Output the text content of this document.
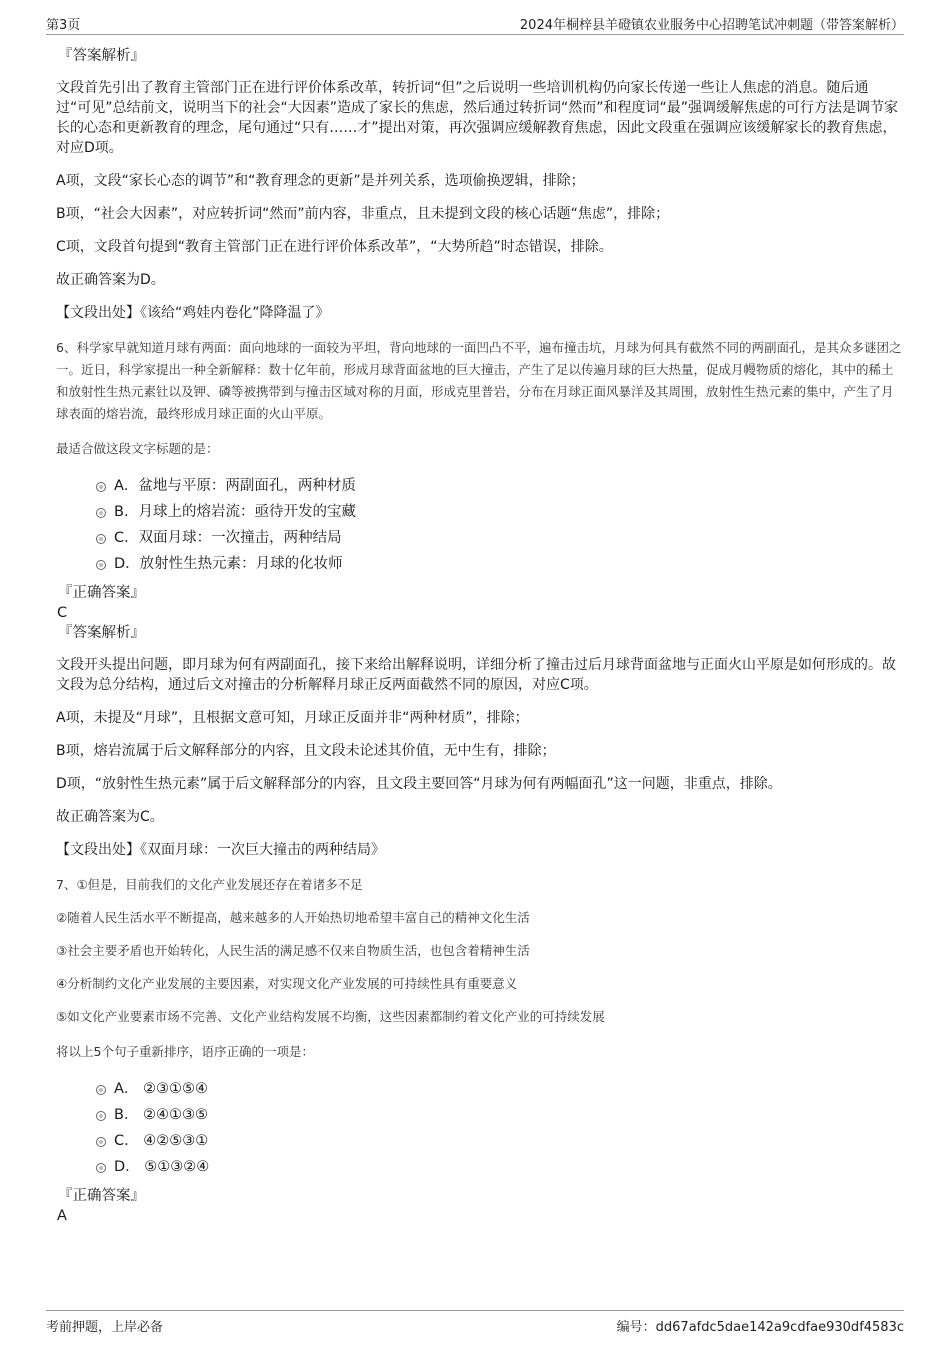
第3页	2024年桐梓县羊磴镇农业服务中心招聘笔试冲刺题（带答案解析）
『答案解析』

文段首先引出了教育主管部门正在进行评价体系改革，转折词“但”之后说明一些培训机构仍向家长传递一些让人焦虑的消息。随后通过“可见”总结前文，说明当下的社会“大因素”造成了家长的焦虑，然后通过转折词“然而”和程度词“最”强调缓解焦虑的可行方法是调节家长的心态和更新教育的理念，尾句通过“只有……才”提出对策，再次强调应缓解教育焦虑，因此文段重在强调应该缓解家长的教育焦虑，对应D项。

A项，文段“家长心态的调节”和“教育理念的更新”是并列关系，选项偷换逻辑，排除；

B项，“社会大因素”，对应转折词“然而”前内容，非重点，且未提到文段的核心话题“焦虑”，排除；

C项，文段首句提到“教育主管部门正在进行评价体系改革”，“大势所趋”时态错误，排除。

故正确答案为D。

【文段出处】《该给“鸡娃内卷化”降降温了》

6、科学家早就知道月球有两面：面向地球的一面较为平坦，背向地球的一面凹凸不平，遍布撞击坑，月球为何具有截然不同的两副面孔，是其众多谜团之一。近日，科学家提出一种全新解释：数十亿年前，形成月球背面盆地的巨大撞击，产生了足以传遍月球的巨大热量，促成月幔物质的熔化，其中的稀土和放射性生热元素钍以及钾、磷等被携带到与撞击区域对称的月面，形成克里普岩，分布在月球正面风暴洋及其周围，放射性生热元素的集中，产生了月球表面的熔岩流，最终形成月球正面的火山平原。

最适合做这段文字标题的是：

A．盆地与平原：两副面孔，两种材质
B．月球上的熔岩流：亟待开发的宝藏
C．双面月球：一次撞击，两种结局
D．放射性生热元素：月球的化妆师
『正确答案』
C
『答案解析』

文段开头提出问题，即月球为何有两副面孔，接下来给出解释说明，详细分析了撞击过后月球背面盆地与正面火山平原是如何形成的。故文段为总分结构，通过后文对撞击的分析解释月球正反两面截然不同的原因，对应C项。

A项，未提及“月球”，且根据文意可知，月球正反面并非“两种材质”，排除；

B项，熔岩流属于后文解释部分的内容，且文段未论述其价值，无中生有，排除；

D项，“放射性生热元素”属于后文解释部分的内容，且文段主要回答“月球为何有两幅面孔”这一问题，非重点，排除。

故正确答案为C。

【文段出处】《双面月球：一次巨大撞击的两种结局》

7、①但是，目前我们的文化产业发展还存在着诸多不足

②随着人民生活水平不断提高，越来越多的人开始热切地希望丰富自己的精神文化生活

③社会主要矛盾也开始转化，人民生活的满足感不仅来自物质生活，也包含着精神生活

④分析制约文化产业发展的主要因素，对实现文化产业发展的可持续性具有重要意义

⑤如文化产业要素市场不完善、文化产业结构发展不均衡，这些因素都制约着文化产业的可持续发展

将以上5个句子重新排序，语序正确的一项是：

A． ②③①⑤④
B． ②④①③⑤
C． ④②⑤③①
D． ⑤①③②④
『正确答案』
A
考前押题，上岸必备	编号：dd67afdc5dae142a9cdfae930df4583c
